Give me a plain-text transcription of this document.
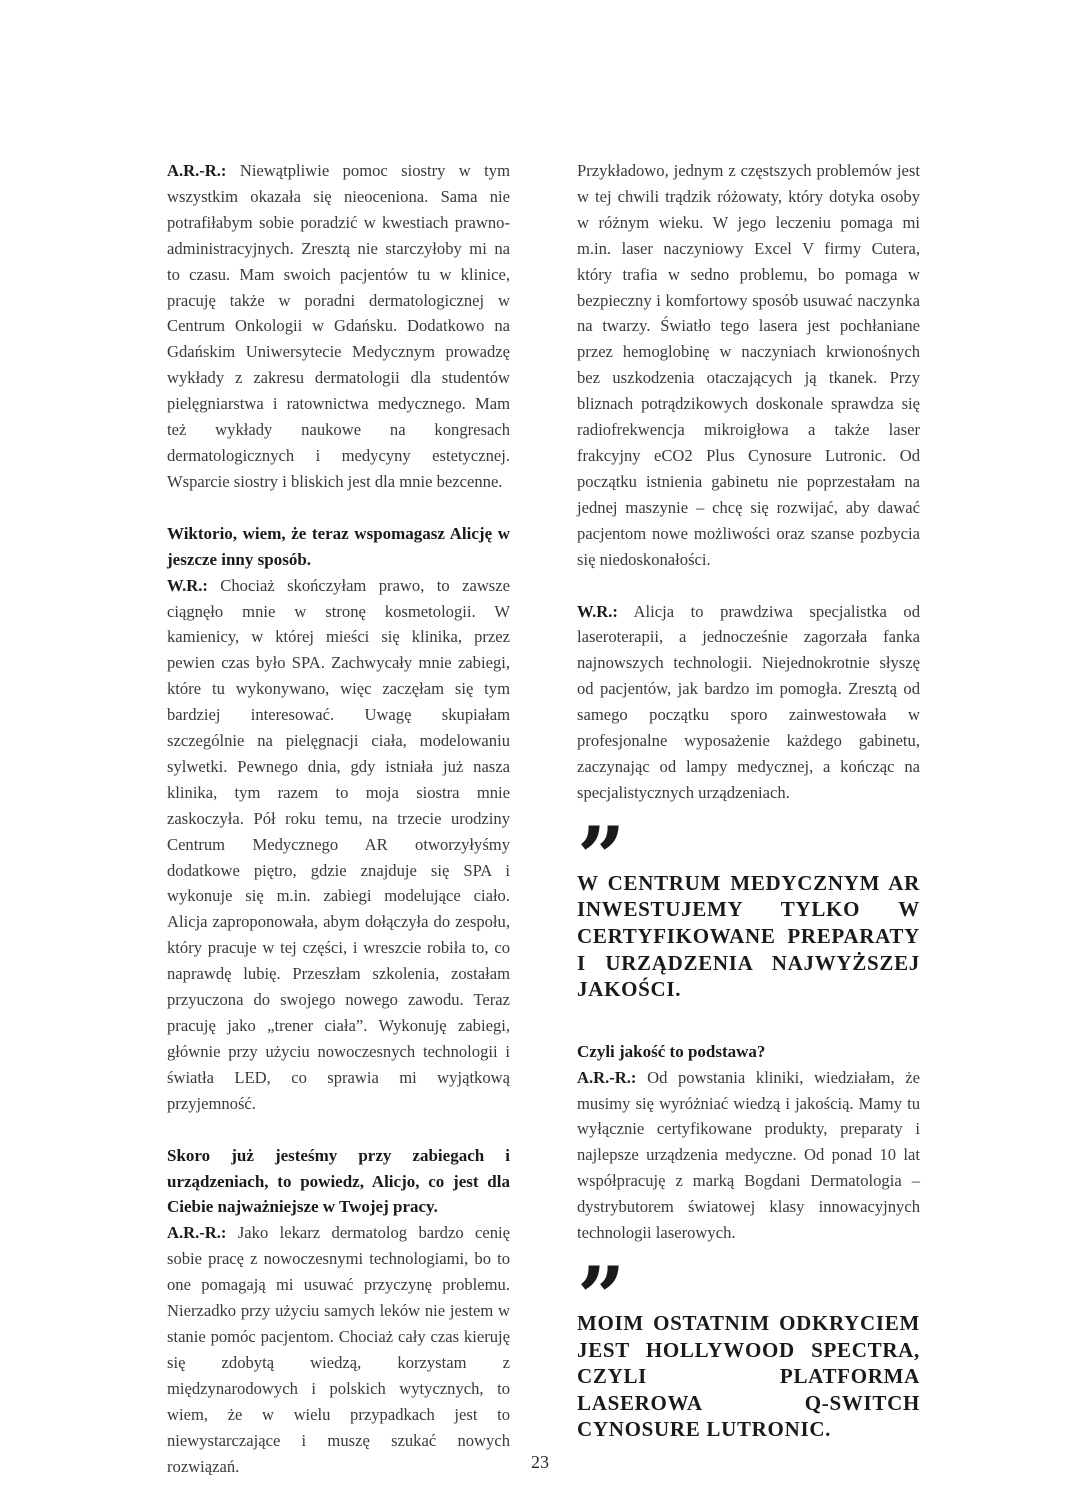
A.R.-R.: Niewątpliwie pomoc siostry w tym wszystkim okazała się nieoceniona. Sama nie potrafiłabym sobie poradzić w kwestiach prawno-administracyjnych. Zresztą nie starczyłoby mi na to czasu. Mam swoich pacjentów tu w klinice, pracuję także w poradni dermatologicznej w Centrum Onkologii w Gdańsku. Dodatkowo na Gdańskim Uniwersytecie Medycznym prowadzę wykłady z zakresu dermatologii dla studentów pielęgniarstwa i ratownictwa medycznego. Mam też wykłady naukowe na kongresach dermatologicznych i medycyny estetycznej. Wsparcie siostry i bliskich jest dla mnie bezcenne.

Wiktorio, wiem, że teraz wspomagasz Alicję w jeszcze inny sposób.

W.R.: Chociaż skończyłam prawo, to zawsze ciągnęło mnie w stronę kosmetologii. W kamienicy, w której mieści się klinika, przez pewien czas było SPA. Zachwycały mnie zabiegi, które tu wykonywano, więc zaczęłam się tym bardziej interesować. Uwagę skupiałam szczególnie na pielęgnacji ciała, modelowaniu sylwetki. Pewnego dnia, gdy istniała już nasza klinika, tym razem to moja siostra mnie zaskoczyła. Pół roku temu, na trzecie urodziny Centrum Medycznego AR otworzyłyśmy dodatkowe piętro, gdzie znajduje się SPA i wykonuje się m.in. zabiegi modelujące ciało. Alicja zaproponowała, abym dołączyła do zespołu, który pracuje w tej części, i wreszcie robiła to, co naprawdę lubię. Przeszłam szkolenia, zostałam przyuczona do swojego nowego zawodu. Teraz pracuję jako „trener ciała”. Wykonuję zabiegi, głównie przy użyciu nowoczesnych technologii i światła LED, co sprawia mi wyjątkową przyjemność.

Skoro już jesteśmy przy zabiegach i urządzeniach, to powiedz, Alicjo, co jest dla Ciebie najważniejsze w Twojej pracy.

A.R.-R.: Jako lekarz dermatolog bardzo cenię sobie pracę z nowoczesnymi technologiami, bo to one pomagają mi usuwać przyczynę problemu. Nierzadko przy użyciu samych leków nie jestem w stanie pomóc pacjentom. Chociaż cały czas kieruję się zdobytą wiedzą, korzystam z międzynarodowych i polskich wytycznych, to wiem, że w wielu przypadkach jest to niewystarczające i muszę szukać nowych rozwiązań.

Przykładowo, jednym z częstszych problemów jest w tej chwili trądzik różowaty, który dotyka osoby w różnym wieku. W jego leczeniu pomaga mi m.in. laser naczyniowy Excel V firmy Cutera, który trafia w sedno problemu, bo pomaga w bezpieczny i komfortowy sposób usuwać naczynka na twarzy. Światło tego lasera jest pochłaniane przez hemoglobinę w naczyniach krwionośnych bez uszkodzenia otaczających ją tkanek. Przy bliznach potrądzikowych doskonale sprawdza się radiofrekwencja mikroigłowa a także laser frakcyjny eCO2 Plus Cynosure Lutronic. Od początku istnienia gabinetu nie poprzestałam na jednej maszynie – chcę się rozwijać, aby dawać pacjentom nowe możliwości oraz szanse pozbycia się niedoskonałości.

W.R.: Alicja to prawdziwa specjalistka od laseroterapii, a jednocześnie zagorzała fanka najnowszych technologii. Niejednokrotnie słyszę od pacjentów, jak bardzo im pomogła. Zresztą od samego początku sporo zainwestowała w profesjonalne wyposażenie każdego gabinetu, zaczynając od lampy medycznej, a kończąc na specjalistycznych urządzeniach.

”

W CENTRUM MEDYCZNYM AR INWESTUJEMY TYLKO W CERTYFIKOWANE PREPARATY I URZĄDZENIA NAJWYŻSZEJ JAKOŚCI.

Czyli jakość to podstawa?

A.R.-R.: Od powstania kliniki, wiedziałam, że musimy się wyróżniać wiedzą i jakością. Mamy tu wyłącznie certyfikowane produkty, preparaty i najlepsze urządzenia medyczne. Od ponad 10 lat współpracuję z marką Bogdani Dermatologia – dystrybutorem światowej klasy innowacyjnych technologii laserowych.

”

MOIM OSTATNIM ODKRYCIEM JEST HOLLYWOOD SPECTRA, CZYLI PLATFORMA LASEROWA Q-SWITCH CYNOSURE LUTRONIC.

23
